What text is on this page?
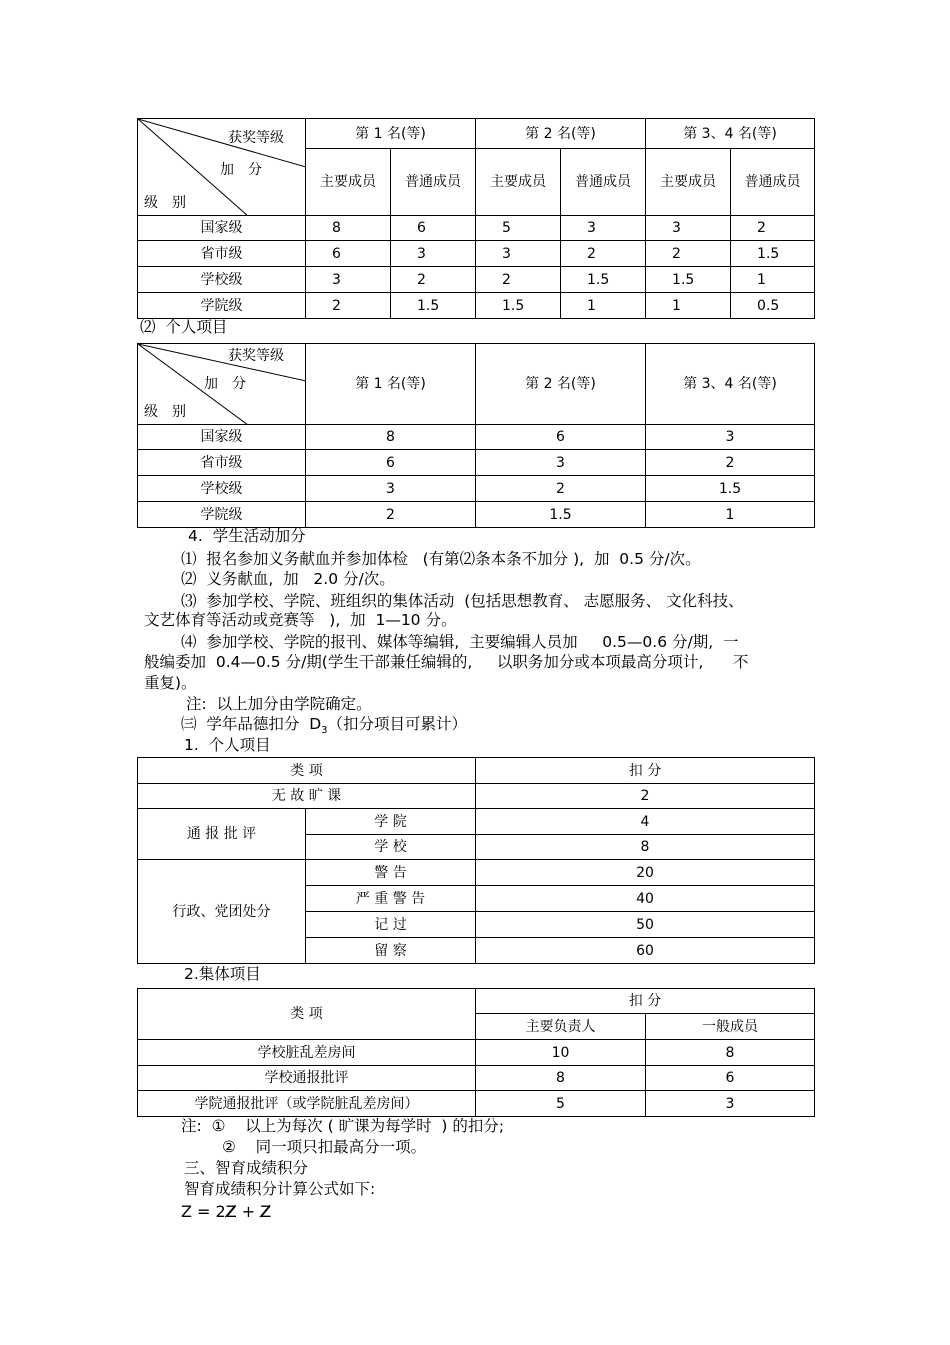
获奖等级
加　分
级　别	第 1 名(等)		第 2 名(等)		第 3、4 名(等)	
	主要成员	普通成员	主要成员	普通成员	主要成员	普通成员
国家级	8	6	5	3	3	2
省市级	6	3	3	2	2	1.5
学校级	3	2	2	1.5	1.5	1
学院级	2	1.5	1.5	1	1	0.5
⑵  个人项目
获奖等级
加　分
级　别	第 1 名(等)	第 2 名(等)	第 3、4 名(等)
国家级	8	6	3
省市级	6	3	2
学校级	3	2	1.5
学院级	2	1.5	1
4.  学生活动加分
⑴  报名参加义务献血并参加体检   (有第⑵条本条不加分 ),  加  0.5 分/次。
⑵  义务献血,  加   2.0 分/次。
⑶  参加学校、学院、班组织的集体活动  (包括思想教育、 志愿服务、 文化科技、
文艺体育等活动或竞赛等   ),  加  1—10 分。
⑷  参加学校、学院的报刊、媒体等编辑,  主要编辑人员加     0.5—0.6 分/期,  一
般编委加  0.4—0.5 分/期(学生干部兼任编辑的,     以职务加分或本项最高分项计,      不
重复)。
注:  以上加分由学院确定。
㈢  学年品德扣分  $D_3$（扣分项目可累计）
1.  个人项目
类 项		扣 分
无 故 旷 课		2
通 报 批 评	学 院	4
	学 校	8
行政、党团处分	警 告	20
	严 重 警 告	40
	记 过	50
	留 察	60
2.集体项目
类 项	扣 分	
	主要负责人	一般成员
学校脏乱差房间	10	8
学校通报批评	8	6
学院通报批评（或学院脏乱差房间）	5	3
注:  ①    以上为每次 ( 旷课为每学时  ) 的扣分;
②    同一项只扣最高分一项。
三、智育成绩积分
智育成绩积分计算公式如下:
Z = 2Z̸ + Z̸
